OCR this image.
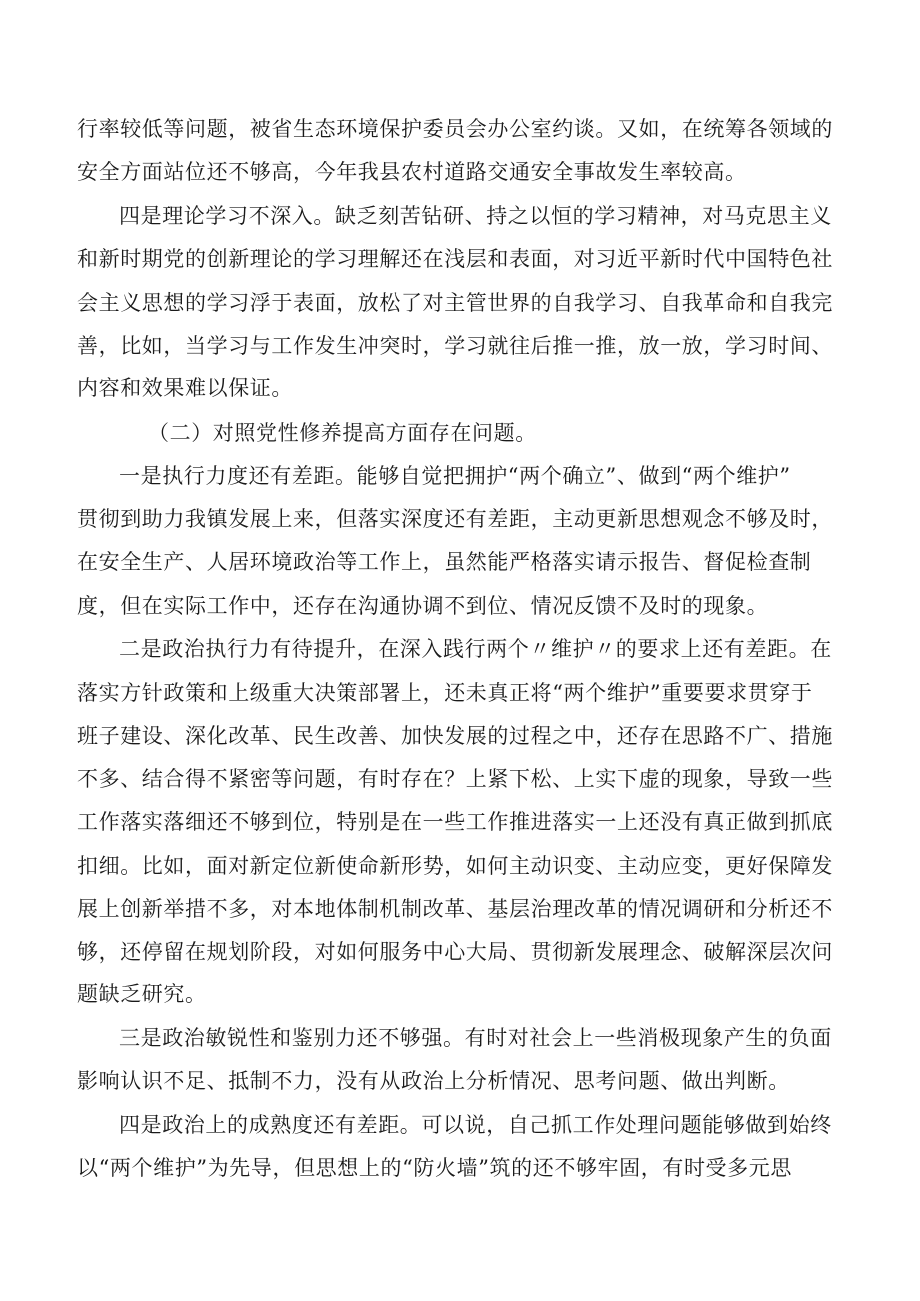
行率较低等问题，被省生态环境保护委员会办公室约谈。又如，在统筹各领域的
安全方面站位还不够高，今年我县农村道路交通安全事故发生率较高。
四是理论学习不深入。缺乏刻苦钻研、持之以恒的学习精神，对马克思主义
和新时期党的创新理论的学习理解还在浅层和表面，对习近平新时代中国特色社
会主义思想的学习浮于表面，放松了对主管世界的自我学习、自我革命和自我完
善，比如，当学习与工作发生冲突时，学习就往后推一推，放一放，学习时间、
内容和效果难以保证。
（二）对照党性修养提高方面存在问题。
一是执行力度还有差距。能够自觉把拥护“两个确立”、做到“两个维护”
贯彻到助力我镇发展上来，但落实深度还有差距，主动更新思想观念不够及时，
在安全生产、人居环境政治等工作上，虽然能严格落实请示报告、督促检查制
度，但在实际工作中，还存在沟通协调不到位、情况反馈不及时的现象。
二是政治执行力有待提升，在深入践行两个〃维护〃的要求上还有差距。在
落实方针政策和上级重大决策部署上，还未真正将“两个维护”重要要求贯穿于
班子建设、深化改革、民生改善、加快发展的过程之中，还存在思路不广、措施
不多、结合得不紧密等问题，有时存在？上紧下松、上实下虚的现象，导致一些
工作落实落细还不够到位，特别是在一些工作推进落实一上还没有真正做到抓底
扣细。比如，面对新定位新使命新形势，如何主动识变、主动应变，更好保障发
展上创新举措不多，对本地体制机制改革、基层治理改革的情况调研和分析还不
够，还停留在规划阶段，对如何服务中心大局、贯彻新发展理念、破解深层次问
题缺乏研究。
三是政治敏锐性和鉴别力还不够强。有时对社会上一些消极现象产生的负面
影响认识不足、抵制不力，没有从政治上分析情况、思考问题、做出判断。
四是政治上的成熟度还有差距。可以说，自己抓工作处理问题能够做到始终
以“两个维护”为先导，但思想上的“防火墙”筑的还不够牢固，有时受多元思
